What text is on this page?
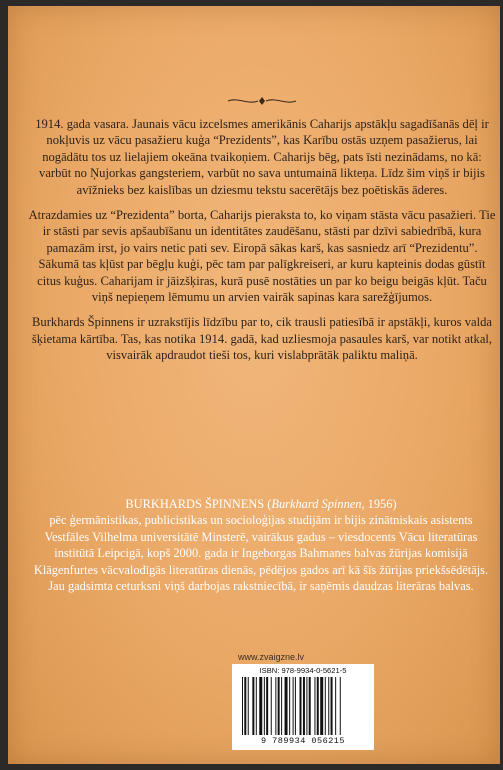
1914. gada vasara. Jaunais vācu izcelsmes amerikānis Caharijs apstākļu sagadīšanās dēļ ir nokļuvis uz vācu pasažieru kuģa “Prezidents”, kas Karību ostās uzņem pasažierus, lai nogādātu tos uz lielajiem okeāna tvaikoņiem. Caharijs bēg, pats īsti nezinādams, no kā: varbūt no Ņujorkas gangsteriem, varbūt no sava untumainā likteņa. Līdz šim viņš ir bijis avīžnieks bez kaislības un dziesmu tekstu sacerētājs bez poētiskās āderes.

Atrazdamies uz “Prezidenta” borta, Caharijs pieraksta to, ko viņam stāsta vācu pasažieri. Tie ir stāsti par sevis apšaubīšanu un identitātes zaudēšanu, stāsti par dzīvi sabiedrībā, kura pamazām irst, jo vairs netic pati sev. Eiropā sākas karš, kas sasniedz arī “Prezidentu”. Sākumā tas kļūst par bēgļu kuģi, pēc tam par palīgkreiseri, ar kuru kapteinis dodas gūstīt citus kuģus. Caharijam ir jāizšķiras, kurā pusē nostāties un par ko beigu beigās kļūt. Taču viņš nepieņem lēmumu un arvien vairāk sapinas kara sarežģījumos.

Burkhards Špinnens ir uzrakstījis līdzību par to, cik trausli patiesībā ir apstākļi, kuros valda šķietama kārtība. Tas, kas notika 1914. gadā, kad uzliesmoja pasaules karš, var notikt atkal, visvairāk apdraudot tieši tos, kuri vislabprātāk paliktu maliņā.

BURKHARDS ŠPINNENS (Burkhard Spinnen, 1956)

pēc ģermānistikas, publicistikas un socioloģijas studijām ir bijis zinātniskais asistents Vestfāles Vilhelma universitātē Minsterē, vairākus gadus – viesdocents Vācu literatūras institūtā Leipcigā, kopš 2000. gada ir Ingeborgas Bahmanes balvas žūrijas komisijā Klāgenfurtes vācvalodīgās literatūras dienās, pēdējos gados arī kā šīs žūrijas priekšsēdētājs. Jau gadsimta ceturksni viņš darbojas rakstniecībā, ir saņēmis daudzas literāras balvas.

www.zvaigzne.lv
ISBN: 978-9934-0-5621-5
9 789934 056215
